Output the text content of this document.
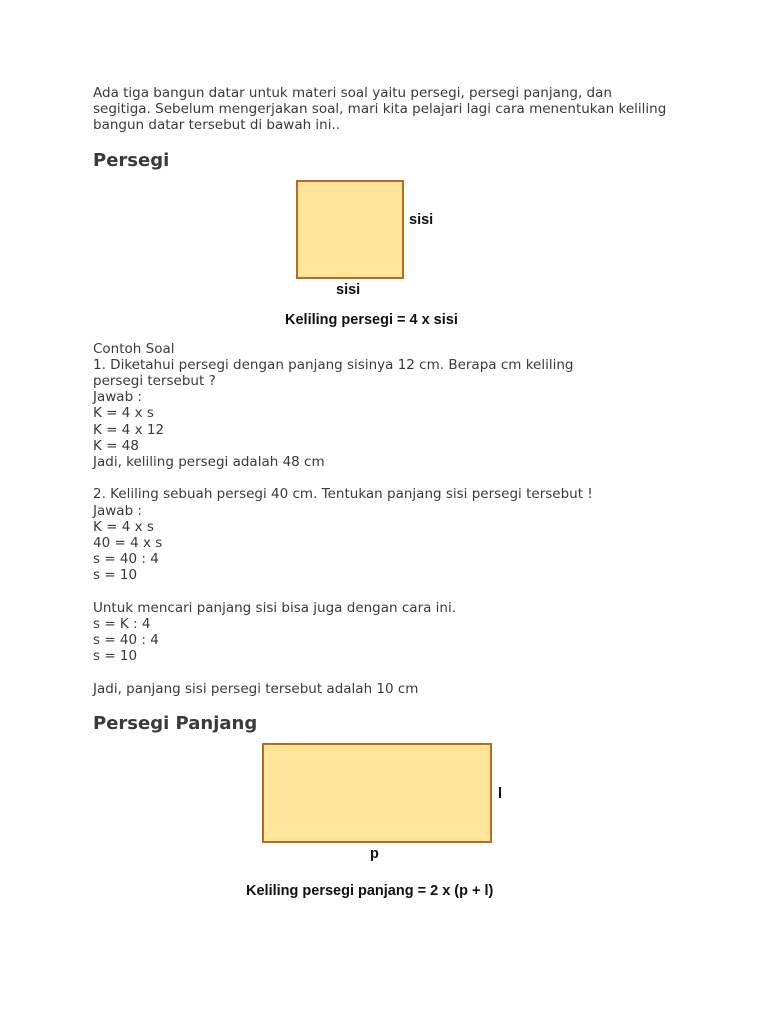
Ada tiga bangun datar untuk materi soal yaitu persegi, persegi panjang, dan segitiga. Sebelum mengerjakan soal, mari kita pelajari lagi cara menentukan keliling bangun datar tersebut di bawah ini..

Persegi
sisi
sisi
Keliling persegi = 4 x sisi
Contoh Soal
1. Diketahui persegi dengan panjang sisinya 12 cm. Berapa cm keliling
persegi tersebut ?
Jawab :
K = 4 x s
K = 4 x 12
K = 48
Jadi, keliling persegi adalah 48 cm
2. Keliling sebuah persegi 40 cm. Tentukan panjang sisi persegi tersebut !
Jawab :
K = 4 x s
40 = 4 x s
s = 40 : 4
s = 10
Untuk mencari panjang sisi bisa juga dengan cara ini.
s = K : 4
s = 40 : 4
s = 10
Jadi, panjang sisi persegi tersebut adalah 10 cm
Persegi Panjang
l
p
Keliling persegi panjang = 2 x (p + l)
